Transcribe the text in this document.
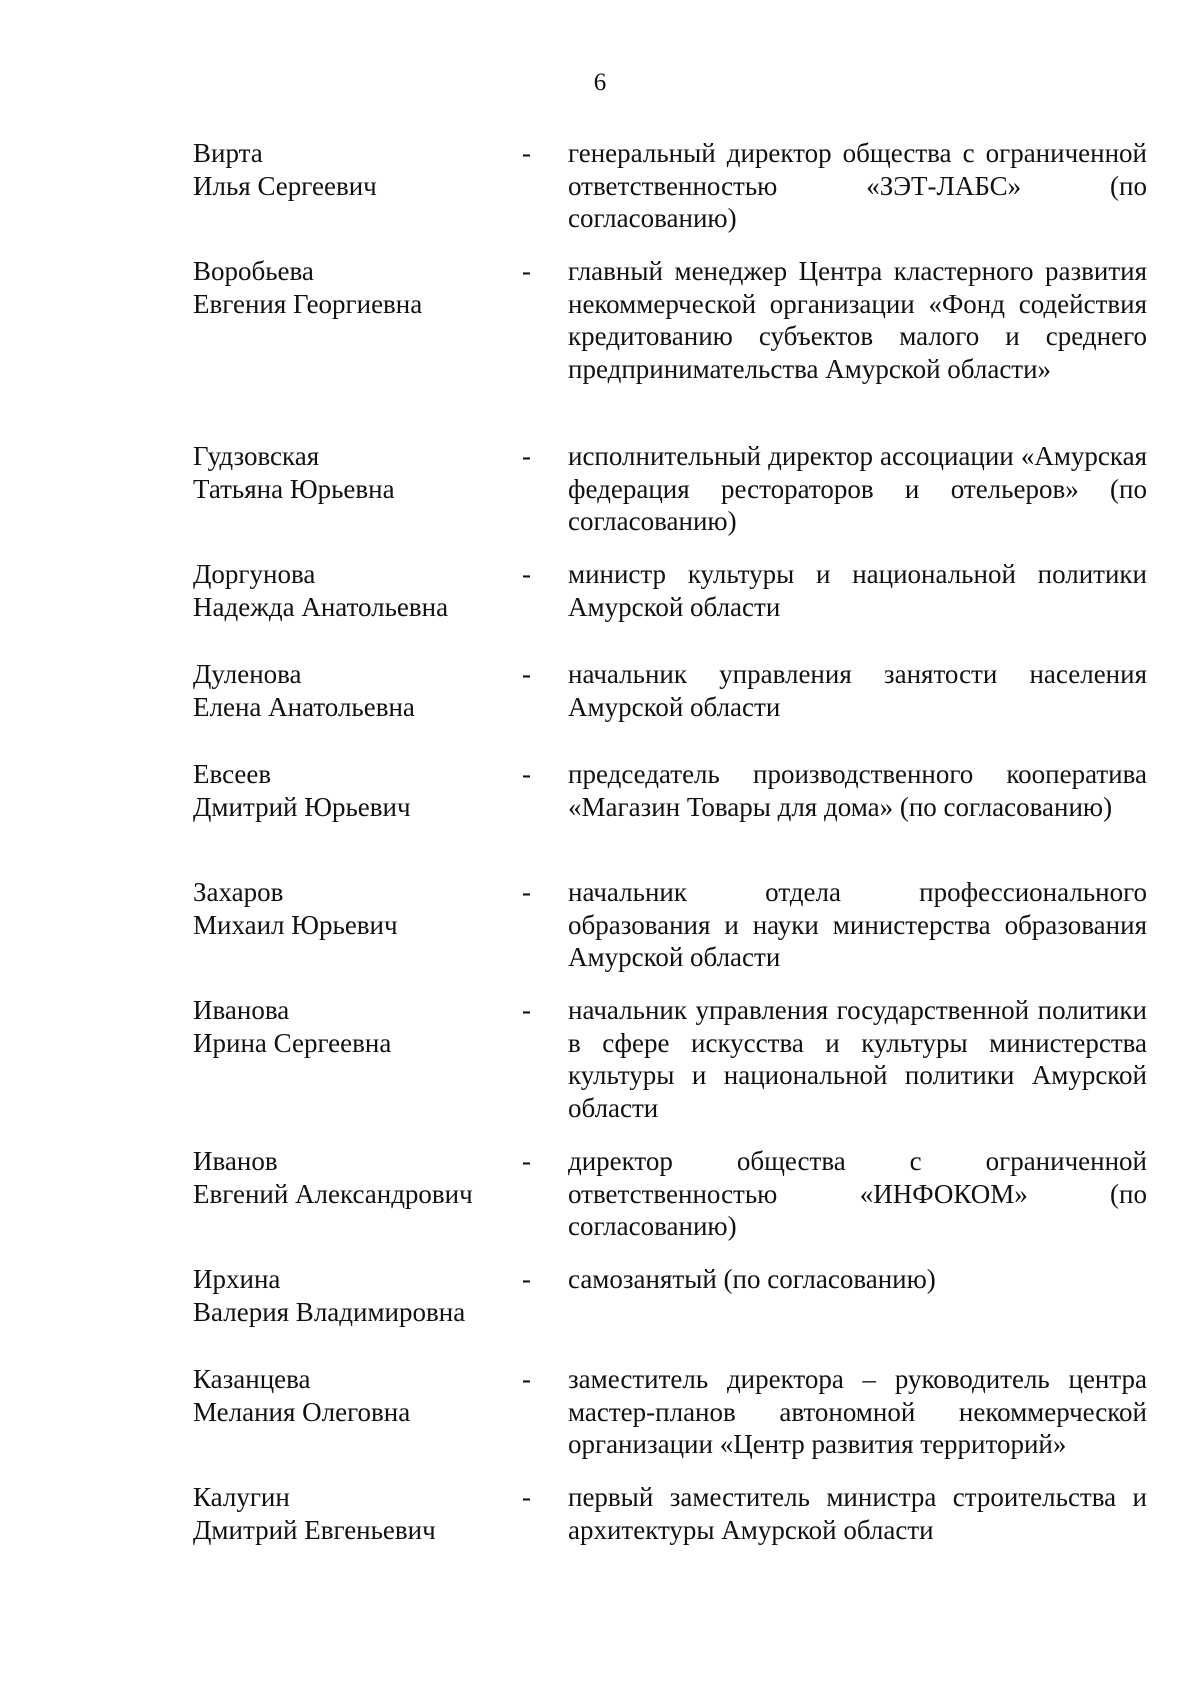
6
Вирта
Илья Сергеевич
- генеральный директор общества с ограниченной ответственностью «ЗЭТ-ЛАБС» (по согласованию)
Воробьева
Евгения Георгиевна
- главный менеджер Центра кластерного развития некоммерческой организации «Фонд содействия кредитованию субъектов малого и среднего предпринимательства Амурской области»
Гудзовская
Татьяна Юрьевна
- исполнительный директор ассоциации «Амурская федерация рестораторов и отельеров» (по согласованию)
Доргунова
Надежда Анатольевна
- министр культуры и национальной политики Амурской области
Дуленова
Елена Анатольевна
- начальник управления занятости населения Амурской области
Евсеев
Дмитрий Юрьевич
- председатель производственного кооператива «Магазин Товары для дома» (по согласованию)
Захаров
Михаил Юрьевич
- начальник отдела профессионального образования и науки министерства образования Амурской области
Иванова
Ирина Сергеевна
- начальник управления государственной политики в сфере искусства и культуры министерства культуры и национальной политики Амурской области
Иванов
Евгений Александрович
- директор общества с ограниченной ответственностью «ИНФОКОМ» (по согласованию)
Ирхина
Валерия Владимировна
- самозанятый (по согласованию)
Казанцева
Мелания Олеговна
- заместитель директора – руководитель центра мастер-планов автономной некоммерческой организации «Центр развития территорий»
Калугин
Дмитрий Евгеньевич
- первый заместитель министра строительства и архитектуры Амурской области
